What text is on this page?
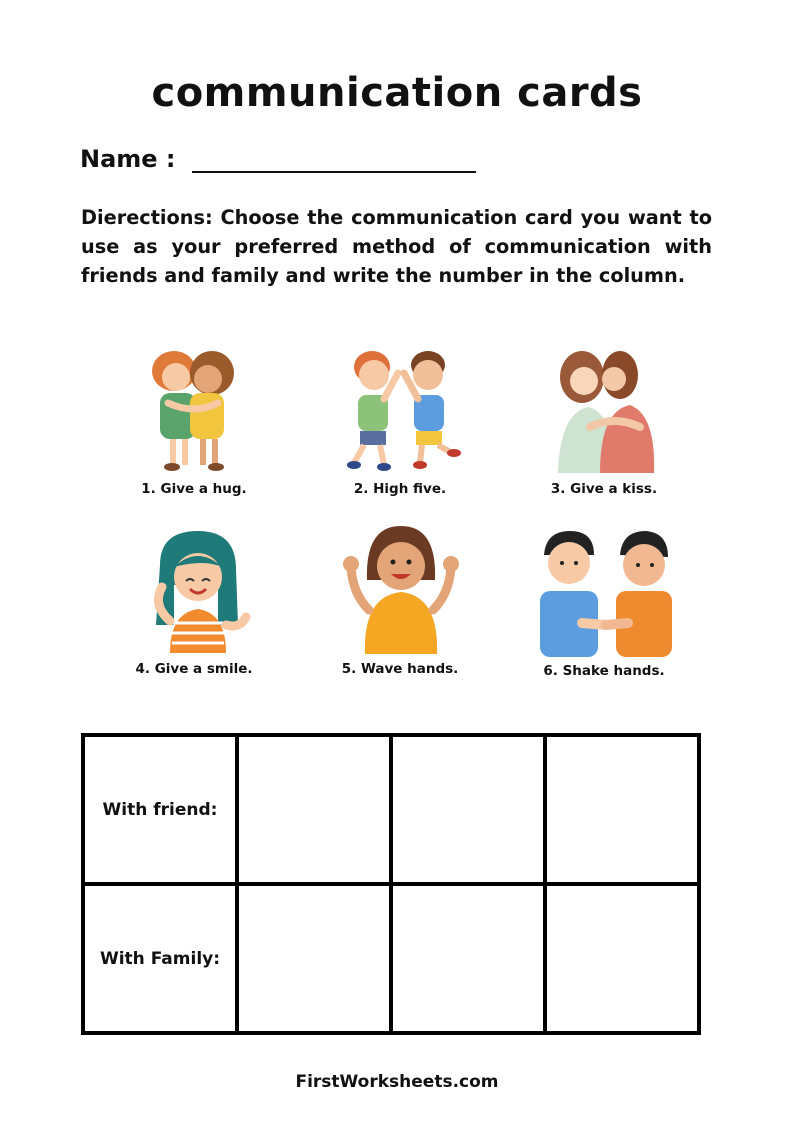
communication cards
Name :
Dierections: Choose the communication card you want to use as your preferred method of communication with friends and family and write the number in the column.
1. Give a hug.	2. High five.	3. Give a kiss.
4. Give a smile.	5. Wave hands.	6. Shake hands.
With friend:			
With Family:			
FirstWorksheets.com
